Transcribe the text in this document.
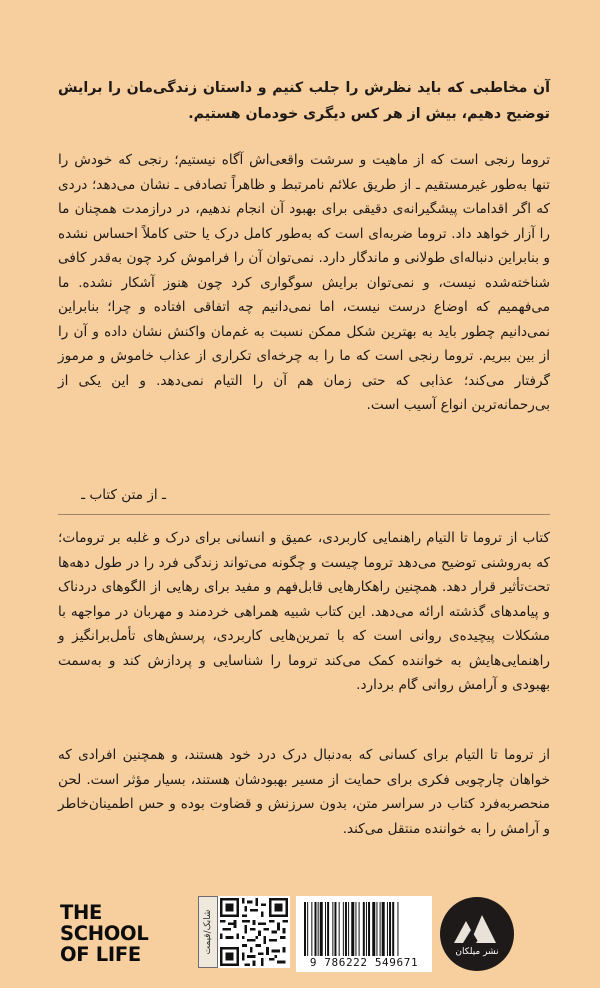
آن مخاطبی که باید نظرش را جلب کنیم و داستان زندگی‌مان را برایش توضیح دهیم، بیش از هر کس دیگری خودمان هستیم.
تروما رنجی است که از ماهیت و سرشت واقعی‌اش آگاه نیستیم؛ رنجی که خودش را تنها به‌طور غیرمستقیم ـ از طریق علائم نامرتبط و ظاهراً تصادفی ـ نشان می‌دهد؛ دردی که اگر اقدامات پیشگیرانه‌ی دقیقی برای بهبود آن انجام ندهیم، در درازمدت همچنان ما را آزار خواهد داد. تروما ضربه‌ای است که به‌طور کامل درک یا حتی کاملاً احساس نشده و بنابراین دنباله‌ای طولانی و ماندگار دارد. نمی‌توان آن را فراموش کرد چون به‌قدر کافی شناخته‌شده نیست، و نمی‌توان برایش سوگواری کرد چون هنوز آشکار نشده. ما می‌فهمیم که اوضاع درست نیست، اما نمی‌دانیم چه اتفاقی افتاده و چرا؛ بنابراین نمی‌دانیم چطور باید به بهترین شکل ممکن نسبت به غم‌مان واکنش نشان داده و آن را از بین ببریم. تروما رنجی است که ما را به چرخه‌ای تکراری از عذاب خاموش و مرموز گرفتار می‌کند؛ عذابی که حتی زمان هم آن را التیام نمی‌دهد. و این یکی از بی‌رحمانه‌ترین انواع آسیب است.
ـ از متن کتاب ـ
کتاب از تروما تا التیام راهنمایی کاربردی، عمیق و انسانی برای درک و غلبه بر ترومات؛ که به‌روشنی توضیح می‌دهد تروما چیست و چگونه می‌تواند زندگی فرد را در طول دهه‌ها تحت‌تأثیر قرار دهد. همچنین راهکارهایی قابل‌فهم و مفید برای رهایی از الگوهای دردناک و پیامدهای گذشته ارائه می‌دهد. این کتاب شبیه همراهی خردمند و مهربان در مواجهه با مشکلات پیچیده‌ی روانی است که با تمرین‌هایی کاربردی، پرسش‌های تأمل‌برانگیز و راهنمایی‌هایش به خواننده کمک می‌کند تروما را شناسایی و پردازش کند و به‌سمت بهبودی و آرامش روانی گام بردارد.
از تروما تا التیام برای کسانی که به‌دنبال درک درد خود هستند، و همچنین افرادی که خواهان چارچوبی فکری برای حمایت از مسیر بهبودشان هستند، بسیار مؤثر است. لحن منحصربه‌فرد کتاب در سراسر متن، بدون سرزنش و قضاوت بوده و حس اطمینان‌خاطر و آرامش را به خواننده منتقل می‌کند.
THE
SCHOOL
OF LIFE
شابک/قیمت
9 786222 549671
نشر میلکان
